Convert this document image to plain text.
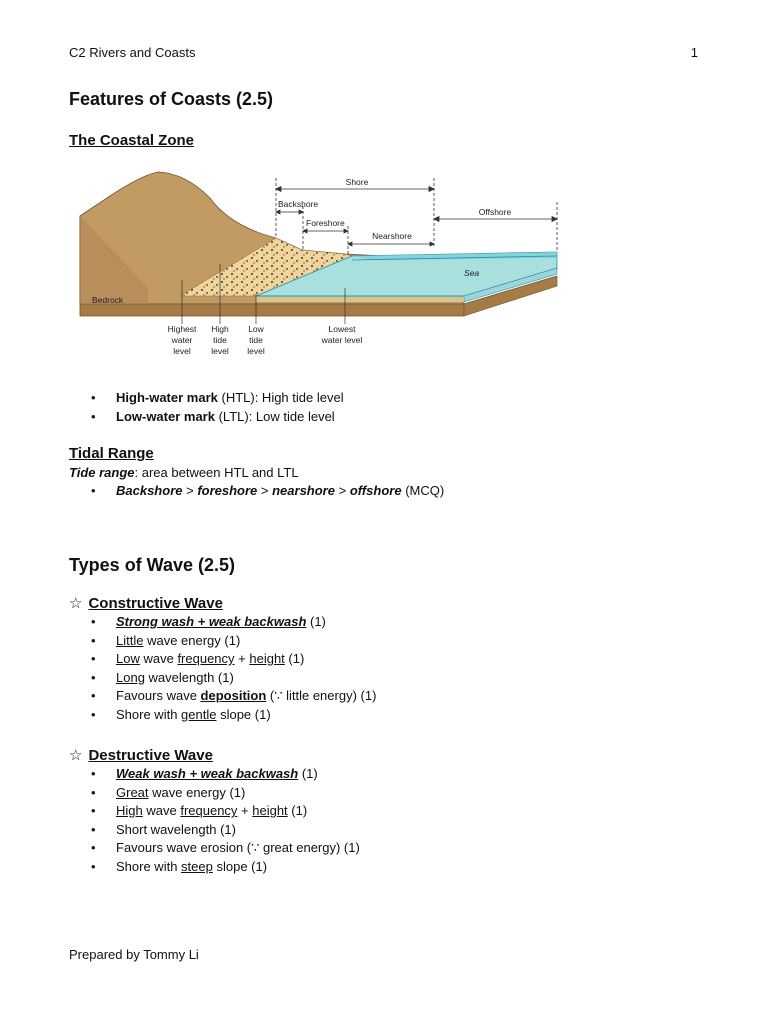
C2 Rivers and Coasts	1
Features of Coasts (2.5)
The Coastal Zone
Shore
Backshore
Foreshore
Nearshore
Offshore
Sea
Bedrock
Highest
water
level
High
tide
level
Low
tide
level
Lowest
water level
• High-water mark (HTL): High tide level
• Low-water mark (LTL): Low tide level
Tidal Range
Tide range: area between HTL and LTL
• Backshore > foreshore > nearshore > offshore (MCQ)
Types of Wave (2.5)
☆ Constructive Wave
• Strong wash + weak backwash (1)
• Little wave energy (1)
• Low wave frequency + height (1)
• Long wavelength (1)
• Favours wave deposition (∵ little energy) (1)
• Shore with gentle slope (1)
☆ Destructive Wave
• Weak wash + weak backwash (1)
• Great wave energy (1)
• High wave frequency + height (1)
• Short wavelength (1)
• Favours wave erosion (∵ great energy) (1)
• Shore with steep slope (1)
Prepared by Tommy Li
